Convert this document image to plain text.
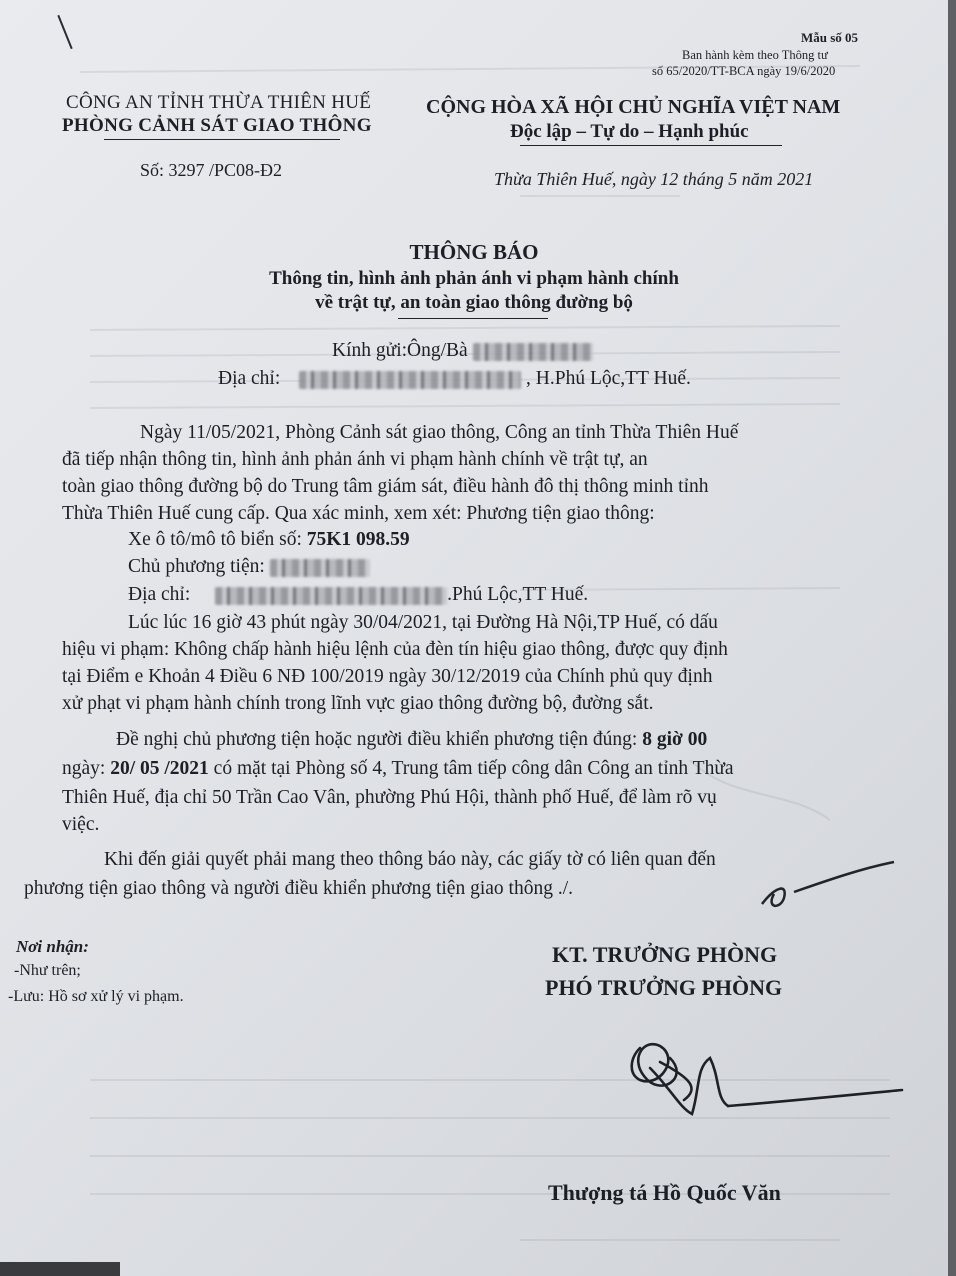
Mẫu số 05
Ban hành kèm theo Thông tư
số 65/2020/TT-BCA ngày 19/6/2020
CÔNG AN TỈNH THỪA THIÊN HUẾ
PHÒNG CẢNH SÁT GIAO THÔNG
CỘNG HÒA XÃ HỘI CHỦ NGHĨA VIỆT NAM
Độc lập – Tự do – Hạnh phúc
Số: 3297 /PC08-Đ2	Thừa Thiên Huế, ngày 12 tháng 5 năm 2021
THÔNG BÁO
Thông tin, hình ảnh phản ánh vi phạm hành chính
về trật tự, an toàn giao thông đường bộ
Kính gửi:Ông/Bà
Địa chỉ:	, H.Phú Lộc,TT Huế.
Ngày 11/05/2021, Phòng Cảnh sát giao thông, Công an tỉnh Thừa Thiên Huế
đã tiếp nhận thông tin, hình ảnh phản ánh vi phạm hành chính về trật tự, an
toàn giao thông đường bộ do Trung tâm giám sát, điều hành đô thị thông minh tỉnh
Thừa Thiên Huế cung cấp. Qua xác minh, xem xét: Phương tiện giao thông:
Xe ô tô/mô tô biển số: 75K1 098.59
Chủ phương tiện:
Địa chỉ:	.Phú Lộc,TT Huế.
Lúc lúc 16 giờ 43 phút ngày 30/04/2021, tại Đường Hà Nội,TP Huế, có dấu
hiệu vi phạm: Không chấp hành hiệu lệnh của đèn tín hiệu giao thông, được quy định
tại Điểm e Khoản 4 Điều 6 NĐ 100/2019 ngày 30/12/2019 của Chính phủ quy định
xử phạt vi phạm hành chính trong lĩnh vực giao thông đường bộ, đường sắt.
Đề nghị chủ phương tiện hoặc người điều khiển phương tiện đúng: 8 giờ 00
ngày: 20/ 05 /2021 có mặt tại Phòng số 4, Trung tâm tiếp công dân Công an tỉnh Thừa
Thiên Huế, địa chỉ 50 Trần Cao Vân, phường Phú Hội, thành phố Huế, để làm rõ vụ
việc.
Khi đến giải quyết phải mang theo thông báo này, các giấy tờ có liên quan đến
phương tiện giao thông và người điều khiển phương tiện giao thông ./.
Nơi nhận:
-Như trên;
-Lưu: Hồ sơ xử lý vi phạm.
KT. TRƯỞNG PHÒNG
PHÓ TRƯỞNG PHÒNG
Thượng tá Hồ Quốc Văn
